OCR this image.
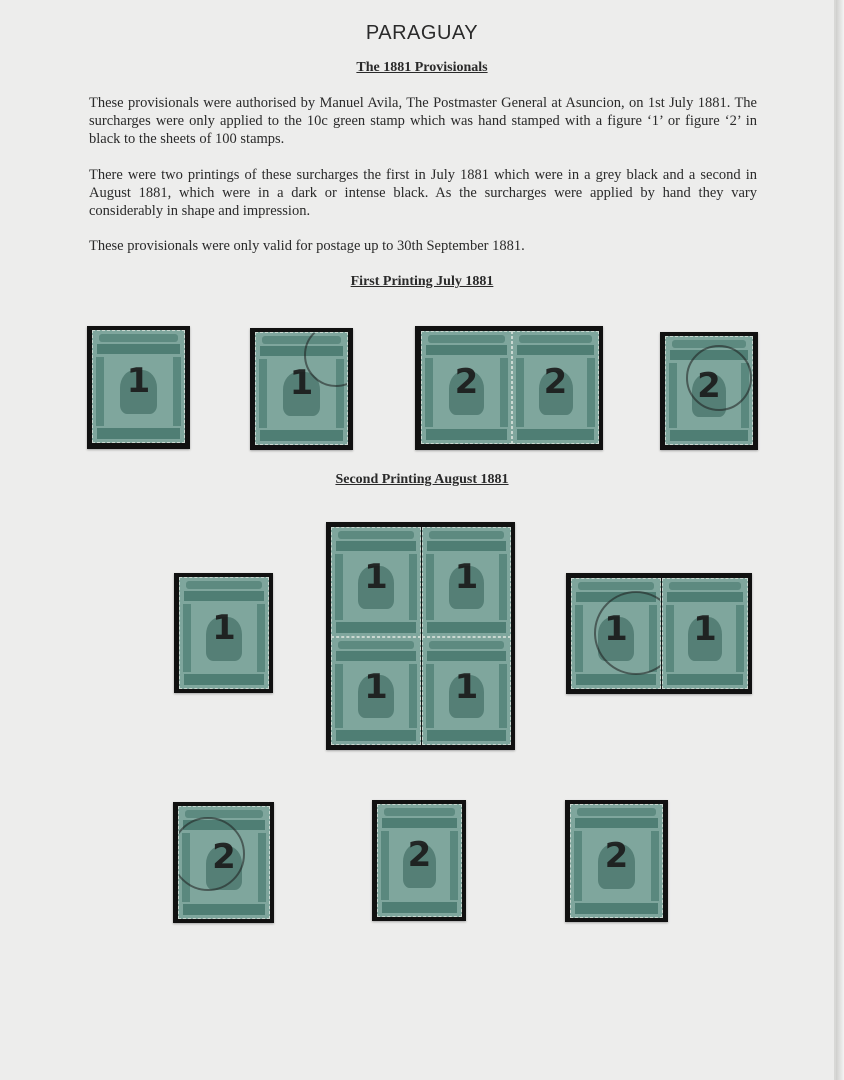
PARAGUAY
The 1881 Provisionals
These provisionals were authorised by Manuel Avila, The Postmaster General at Asuncion, on 1st July 1881. The surcharges were only applied to the 10c green stamp which was hand stamped with a figure ‘1’ or figure ‘2’ in black to the sheets of 100 stamps.
There were two printings of these surcharges the first in July 1881 which were in a grey black and a second in August 1881, which were in a dark or intense black. As the surcharges were applied by hand they vary considerably in shape and impression.
These provisionals were only valid for postage up to 30th September 1881.
First Printing July 1881
1	1	2	2	2
Second Printing August 1881
1
1	1
1	1
1	1
2	2	2
